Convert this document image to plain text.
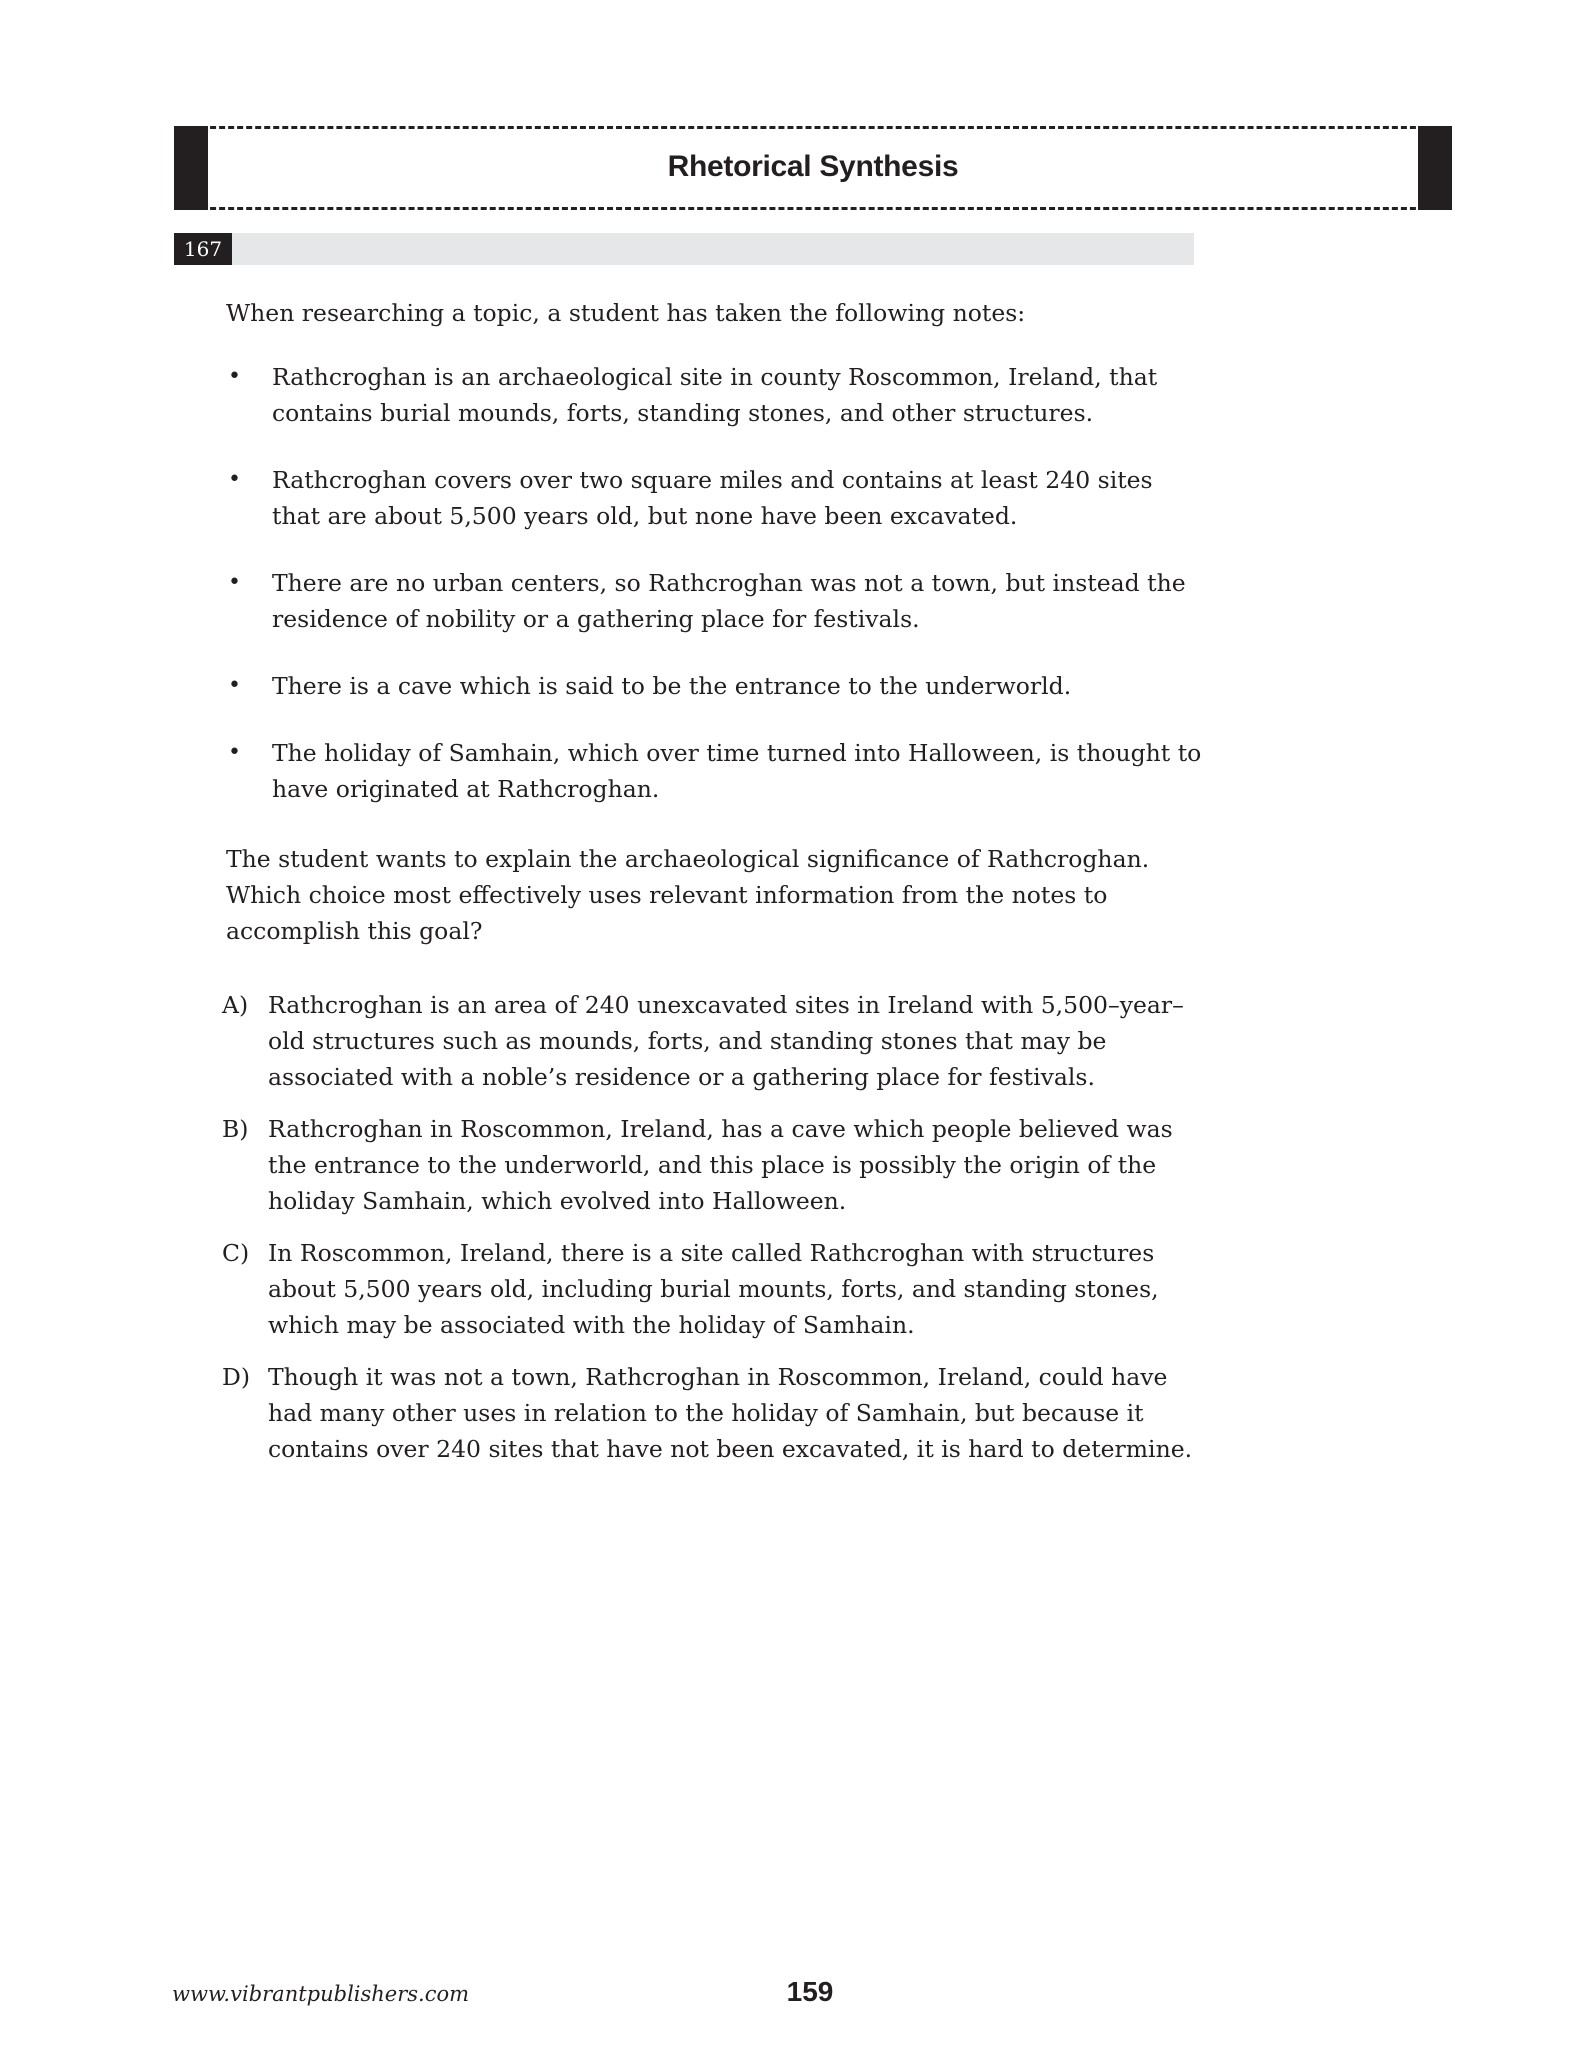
Rhetorical Synthesis
167

When researching a topic, a student has taken the following notes:

• Rathcroghan is an archaeological site in county Roscommon, Ireland, that contains burial mounds, forts, standing stones, and other structures.
• Rathcroghan covers over two square miles and contains at least 240 sites that are about 5,500 years old, but none have been excavated.
• There are no urban centers, so Rathcroghan was not a town, but instead the residence of nobility or a gathering place for festivals.
• There is a cave which is said to be the entrance to the underworld.
• The holiday of Samhain, which over time turned into Halloween, is thought to have originated at Rathcroghan.

The student wants to explain the archaeological significance of Rathcroghan. Which choice most effectively uses relevant information from the notes to accomplish this goal?

A) Rathcroghan is an area of 240 unexcavated sites in Ireland with 5,500–year–old structures such as mounds, forts, and standing stones that may be associated with a noble’s residence or a gathering place for festivals.
B) Rathcroghan in Roscommon, Ireland, has a cave which people believed was the entrance to the underworld, and this place is possibly the origin of the holiday Samhain, which evolved into Halloween.
C) In Roscommon, Ireland, there is a site called Rathcroghan with structures about 5,500 years old, including burial mounts, forts, and standing stones, which may be associated with the holiday of Samhain.
D) Though it was not a town, Rathcroghan in Roscommon, Ireland, could have had many other uses in relation to the holiday of Samhain, but because it contains over 240 sites that have not been excavated, it is hard to determine.
www.vibrantpublishers.com	159
